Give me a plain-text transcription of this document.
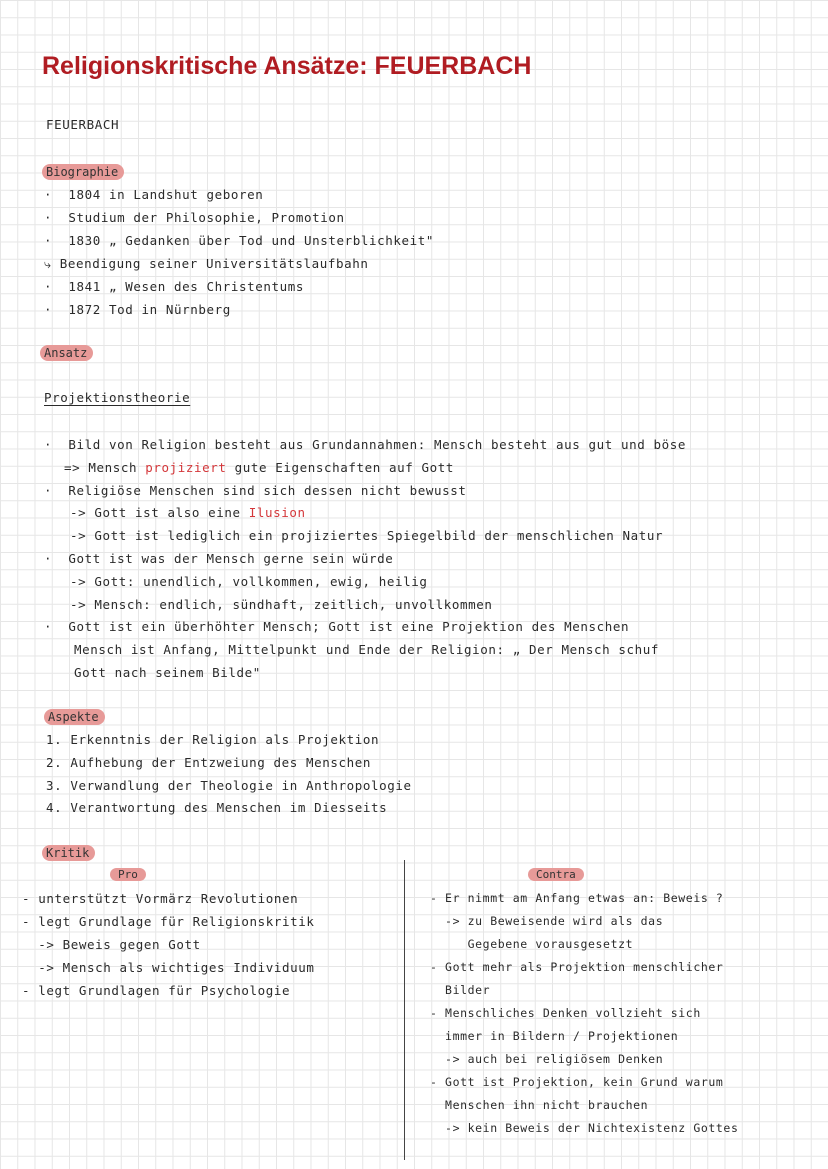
Religionskritische Ansätze: FEUERBACH
FEUERBACH
Biographie
· 1804 in Landshut geboren
· Studium der Philosophie, Promotion
· 1830 „ Gedanken über Tod und Unsterblichkeit"
⤷ Beendigung seiner Universitätslaufbahn
· 1841 „ Wesen des Christentums
· 1872 Tod in Nürnberg
Ansatz
Projektionstheorie
· Bild von Religion besteht aus Grundannahmen: Mensch besteht aus gut und böse
=> Mensch projiziert gute Eigenschaften auf Gott
· Religiöse Menschen sind sich dessen nicht bewusst
-> Gott ist also eine Ilusion
-> Gott ist lediglich ein projiziertes Spiegelbild der menschlichen Natur
· Gott ist was der Mensch gerne sein würde
-> Gott: unendlich, vollkommen, ewig, heilig
-> Mensch: endlich, sündhaft, zeitlich, unvollkommen
· Gott ist ein überhöhter Mensch; Gott ist eine Projektion des Menschen
Mensch ist Anfang, Mittelpunkt und Ende der Religion: „ Der Mensch schuf
Gott nach seinem Bilde"
Aspekte
1. Erkenntnis der Religion als Projektion
2. Aufhebung der Entzweiung des Menschen
3. Verwandlung der Theologie in Anthropologie
4. Verantwortung des Menschen im Diesseits
Kritik
Pro
- unterstützt Vormärz Revolutionen
- legt Grundlage für Religionskritik
-> Beweis gegen Gott
-> Mensch als wichtiges Individuum
- legt Grundlagen für Psychologie
Contra
- Er nimmt am Anfang etwas an: Beweis ?
-> zu Beweisende wird als das
Gegebene vorausgesetzt
- Gott mehr als Projektion menschlicher
Bilder
- Menschliches Denken vollzieht sich
immer in Bildern / Projektionen
-> auch bei religiösem Denken
- Gott ist Projektion, kein Grund warum
Menschen ihn nicht brauchen
-> kein Beweis der Nichtexistenz Gottes
